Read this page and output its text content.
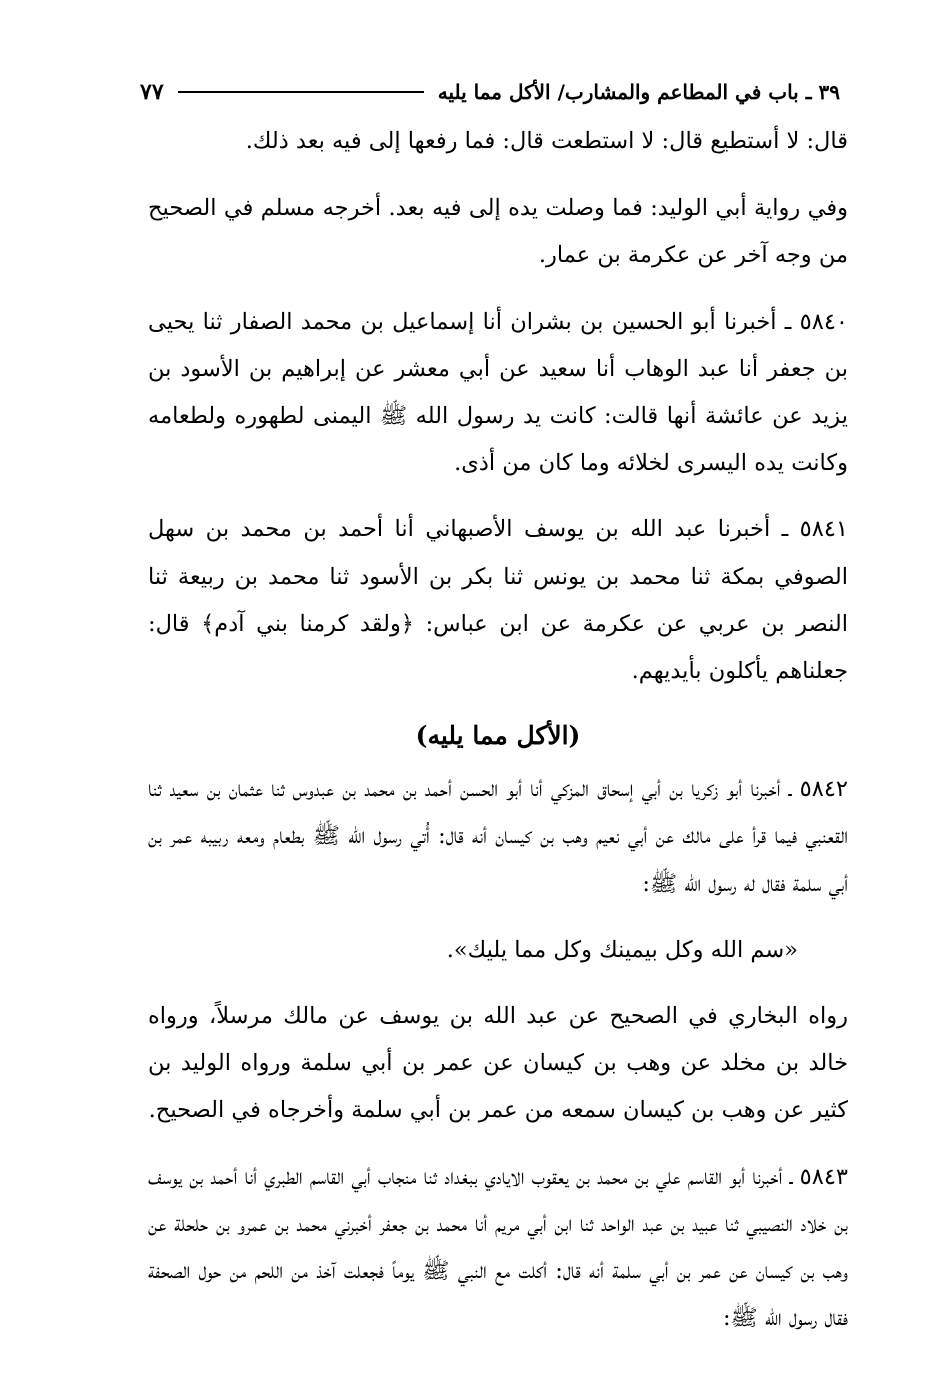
٣٩ ـ باب في المطاعم والمشارب/ الأكل مما يليه
٧٧

قال: لا أستطيع قال: لا استطعت قال: فما رفعها إلى فيه بعد ذلك.

وفي رواية أبي الوليد: فما وصلت يده إلى فيه بعد. أخرجه مسلم في الصحيح من وجه آخر عن عكرمة بن عمار.

٥٨٤٠ ـ أخبرنا أبو الحسين بن بشران أنا إسماعيل بن محمد الصفار ثنا يحيى بن جعفر أنا عبد الوهاب أنا سعيد عن أبي معشر عن إبراهيم بن الأسود بن يزيد عن عائشة أنها قالت: كانت يد رسول الله ﷺ اليمنى لطهوره ولطعامه وكانت يده اليسرى لخلائه وما كان من أذى.

٥٨٤١ ـ أخبرنا عبد الله بن يوسف الأصبهاني أنا أحمد بن محمد بن سهل الصوفي بمكة ثنا محمد بن يونس ثنا بكر بن الأسود ثنا محمد بن ربيعة ثنا النصر بن عربي عن عكرمة عن ابن عباس: ﴿ولقد كرمنا بني آدم﴾ قال: جعلناهم يأكلون بأيديهم.

(الأكل مما يليه)

٥٨٤٢ ـ أخبرنا أبو زكريا بن أبي إسحاق المزكي أنا أبو الحسن أحمد بن محمد بن عبدوس ثنا عثمان بن سعيد ثنا القعنبي فيما قرأ على مالك عن أبي نعيم وهب بن كيسان أنه قال: أُتي رسول الله ﷺ بطعام ومعه ربيبه عمر بن أبي سلمة فقال له رسول الله ﷺ:

«سم الله وكل بيمينك وكل مما يليك».

رواه البخاري في الصحيح عن عبد الله بن يوسف عن مالك مرسلاً، ورواه خالد بن مخلد عن وهب بن كيسان عن عمر بن أبي سلمة ورواه الوليد بن كثير عن وهب بن كيسان سمعه من عمر بن أبي سلمة وأخرجاه في الصحيح.

٥٨٤٣ ـ أخبرنا أبو القاسم علي بن محمد بن يعقوب الايادي ببغداد ثنا منجاب أبي القاسم الطبري أنا أحمد بن يوسف بن خلاد النصيبي ثنا عبيد بن عبد الواحد ثنا ابن أبي مريم أنا محمد بن جعفر أخبرني محمد بن عمرو بن حلحلة عن وهب بن كيسان عن عمر بن أبي سلمة أنه قال: أكلت مع النبي ﷺ يوماً فجعلت آخذ من اللحم من حول الصحفة فقال رسول الله ﷺ:
